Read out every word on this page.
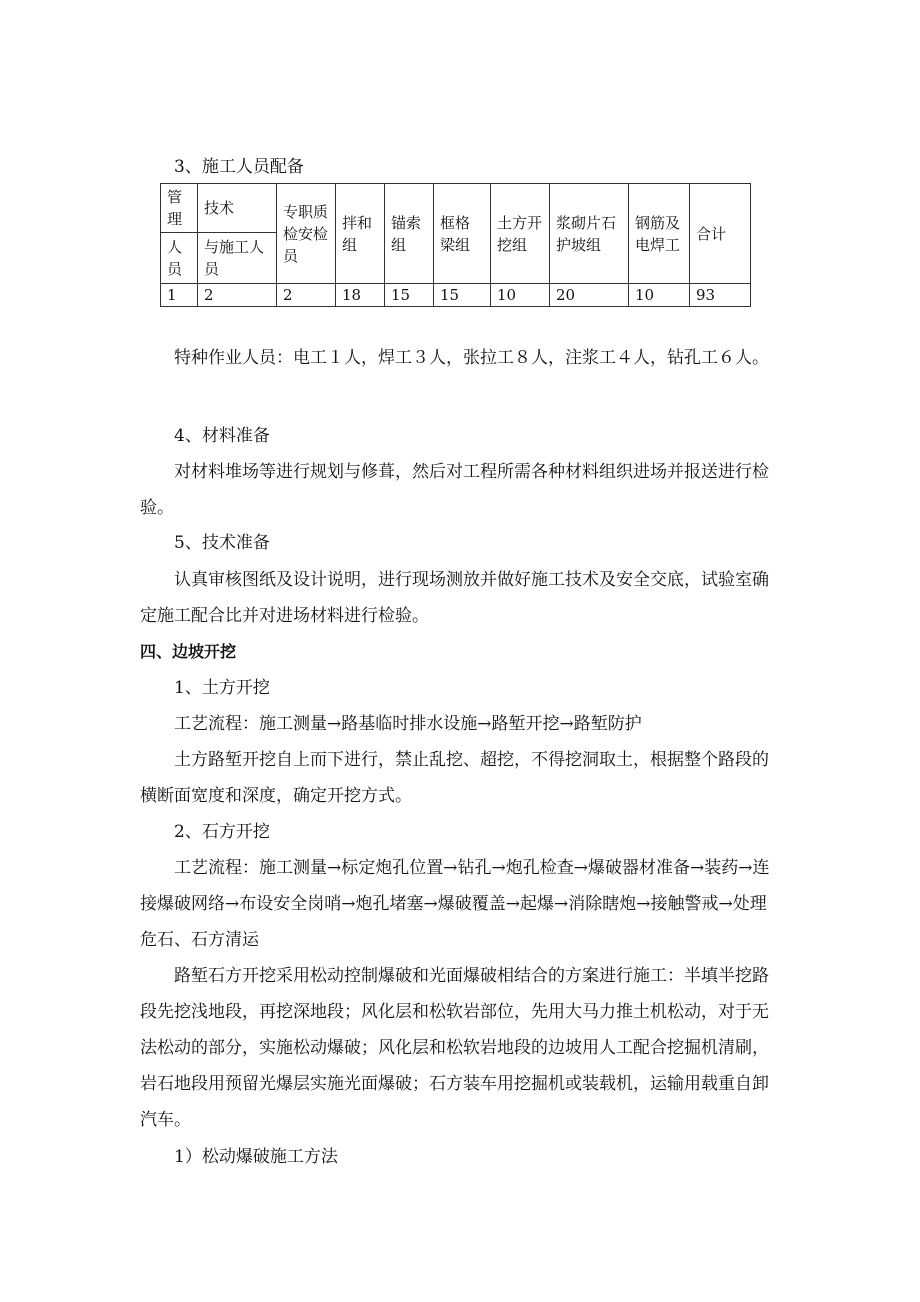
3、施工人员配备
管理	技术	专职质检安检员	拌和组	锚索组	框格梁组	土方开挖组	浆砌片石护坡组	钢筋及电焊工	合计
人员	与施工人员								
1	2	2	18	15	15	10	20	10	93
特种作业人员：电工１人，焊工３人，张拉工８人，注浆工４人，钻孔工６人。
4、材料准备
对材料堆场等进行规划与修葺，然后对工程所需各种材料组织进场并报送进行检验。
5、技术准备
认真审核图纸及设计说明，进行现场测放并做好施工技术及安全交底，试验室确定施工配合比并对进场材料进行检验。
四、边坡开挖
1、土方开挖
工艺流程：施工测量→路基临时排水设施→路堑开挖→路堑防护
土方路堑开挖自上而下进行，禁止乱挖、超挖，不得挖洞取土，根据整个路段的横断面宽度和深度，确定开挖方式。
2、石方开挖
工艺流程：施工测量→标定炮孔位置→钻孔→炮孔检查→爆破器材准备→装药→连接爆破网络→布设安全岗哨→炮孔堵塞→爆破覆盖→起爆→消除瞎炮→接触警戒→处理危石、石方清运
路堑石方开挖采用松动控制爆破和光面爆破相结合的方案进行施工：半填半挖路段先挖浅地段，再挖深地段；风化层和松软岩部位，先用大马力推土机松动，对于无法松动的部分，实施松动爆破；风化层和松软岩地段的边坡用人工配合挖掘机清刷，岩石地段用预留光爆层实施光面爆破；石方装车用挖掘机或装载机，运输用载重自卸汽车。
1）松动爆破施工方法
